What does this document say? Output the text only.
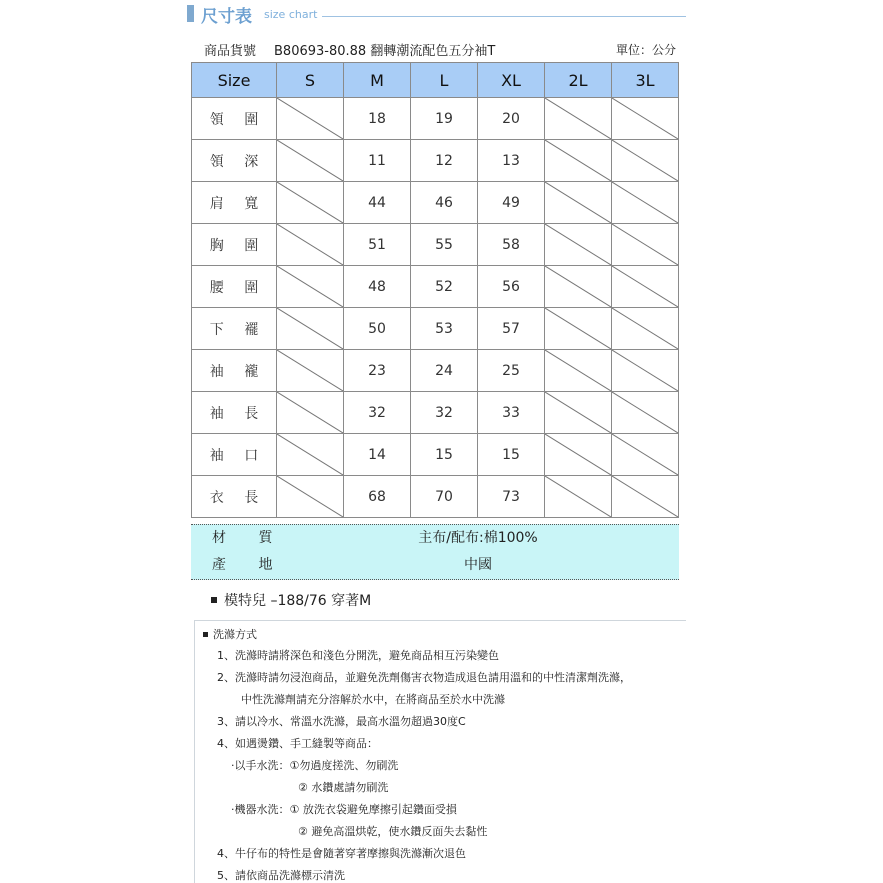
尺寸表 size chart
商品貨號 B80693-80.88 翻轉潮流配色五分袖T	單位：公分
Size	S	M	L	XL	2L	3L
領 圍		18	19	20	

領 深		11	12	13	

肩 寬		44	46	49	

胸 圍		51	55	58	

腰 圍		48	52	56	

下 襬		50	53	57	

袖 襱		23	24	25	

袖 長		32	32	33	

袖 口		14	15	15	

衣 長		68	70	73	

材 質	主布/配布:棉100%
產 地	中國
模特兒 –188/76 穿著M
洗滌方式
1、洗滌時請將深色和淺色分開洗，避免商品相互污染變色
2、洗滌時請勿浸泡商品，並避免洗劑傷害衣物造成退色請用溫和的中性清潔劑洗滌，
中性洗滌劑請充分溶解於水中，在將商品至於水中洗滌
3、請以冷水、常溫水洗滌，最高水溫勿超過30度C
4、如遇燙鑽、手工縫製等商品：
‧以手水洗：①勿過度搓洗、勿刷洗
② 水鑽處請勿刷洗
‧機器水洗：① 放洗衣袋避免摩擦引起鑽面受損
② 避免高溫烘乾，使水鑽反面失去黏性
4、牛仔布的特性是會隨著穿著摩擦與洗滌漸次退色
5、請依商品洗滌標示清洗
